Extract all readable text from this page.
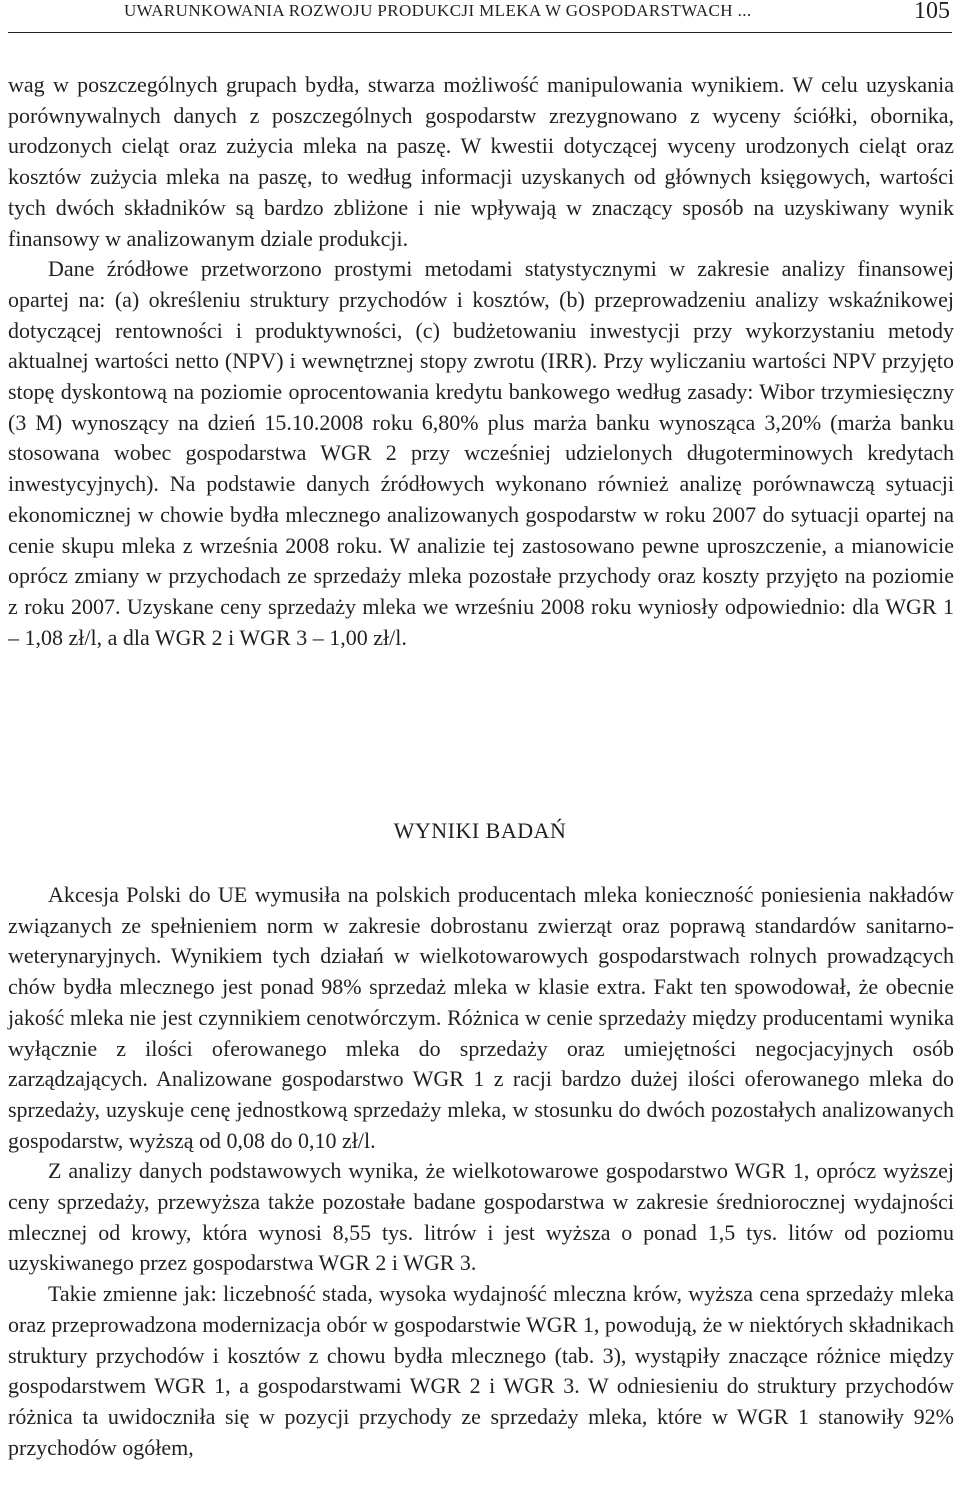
UWARUNKOWANIA ROZWOJU PRODUKCJI MLEKA W GOSPODARSTWACH ...	105

wag w poszczególnych grupach bydła, stwarza możliwość manipulowania wynikiem. W celu uzyskania porównywalnych danych z poszczególnych gospodarstw zrezygnowano z wyceny ściółki, obornika, urodzonych cieląt oraz zużycia mleka na paszę. W kwestii dotyczącej wyceny urodzonych cieląt oraz kosztów zużycia mleka na paszę, to według informacji uzyskanych od głównych księgowych, wartości tych dwóch składników są bardzo zbliżone i nie wpływają w znaczący sposób na uzyskiwany wynik finansowy w analizowanym dziale produkcji.

Dane źródłowe przetworzono prostymi metodami statystycznymi w zakresie analizy finansowej opartej na: (a) określeniu struktury przychodów i kosztów, (b) przeprowadzeniu analizy wskaźnikowej dotyczącej rentowności i produktywności, (c) budżetowaniu inwestycji przy wykorzystaniu metody aktualnej wartości netto (NPV) i wewnętrznej stopy zwrotu (IRR). Przy wyliczaniu wartości NPV przyjęto stopę dyskontową na poziomie oprocentowania kredytu bankowego według zasady: Wibor trzymiesięczny (3 M) wynoszący na dzień 15.10.2008 roku 6,80% plus marża banku wynosząca 3,20% (marża banku stosowana wobec gospodarstwa WGR 2 przy wcześniej udzielonych długoterminowych kredytach inwestycyjnych). Na podstawie danych źródłowych wykonano również analizę porównawczą sytuacji ekonomicznej w chowie bydła mlecznego analizowanych gospodarstw w roku 2007 do sytuacji opartej na cenie skupu mleka z września 2008 roku. W analizie tej zastosowano pewne uproszczenie, a mianowicie oprócz zmiany w przychodach ze sprzedaży mleka pozostałe przychody oraz koszty przyjęto na poziomie z roku 2007. Uzyskane ceny sprzedaży mleka we wrześniu 2008 roku wyniosły odpowiednio: dla WGR 1 – 1,08 zł/l, a dla WGR 2 i WGR 3 – 1,00 zł/l.

WYNIKI BADAŃ

Akcesja Polski do UE wymusiła na polskich producentach mleka konieczność poniesienia nakładów związanych ze spełnieniem norm w zakresie dobrostanu zwierząt oraz poprawą standardów sanitarno-weterynaryjnych. Wynikiem tych działań w wielkotowarowych gospodarstwach rolnych prowadzących chów bydła mlecznego jest ponad 98% sprzedaż mleka w klasie extra. Fakt ten spowodował, że obecnie jakość mleka nie jest czynnikiem cenotwórczym. Różnica w cenie sprzedaży między producentami wynika wyłącznie z ilości oferowanego mleka do sprzedaży oraz umiejętności negocjacyjnych osób zarządzających. Analizowane gospodarstwo WGR 1 z racji bardzo dużej ilości oferowanego mleka do sprzedaży, uzyskuje cenę jednostkową sprzedaży mleka, w stosunku do dwóch pozostałych analizowanych gospodarstw, wyższą od 0,08 do 0,10 zł/l.

Z analizy danych podstawowych wynika, że wielkotowarowe gospodarstwo WGR 1, oprócz wyższej ceny sprzedaży, przewyższa także pozostałe badane gospodarstwa w zakresie średniorocznej wydajności mlecznej od krowy, która wynosi 8,55 tys. litrów i jest wyższa o ponad 1,5 tys. litów od poziomu uzyskiwanego przez gospodarstwa WGR 2 i WGR 3.

Takie zmienne jak: liczebność stada, wysoka wydajność mleczna krów, wyższa cena sprzedaży mleka oraz przeprowadzona modernizacja obór w gospodarstwie WGR 1, powodują, że w niektórych składnikach struktury przychodów i kosztów z chowu bydła mlecznego (tab. 3), wystąpiły znaczące różnice między gospodarstwem WGR 1, a gospodarstwami WGR 2 i WGR 3. W odniesieniu do struktury przychodów różnica ta uwidoczniła się w pozycji przychody ze sprzedaży mleka, które w WGR 1 stanowiły 92% przychodów ogółem,
